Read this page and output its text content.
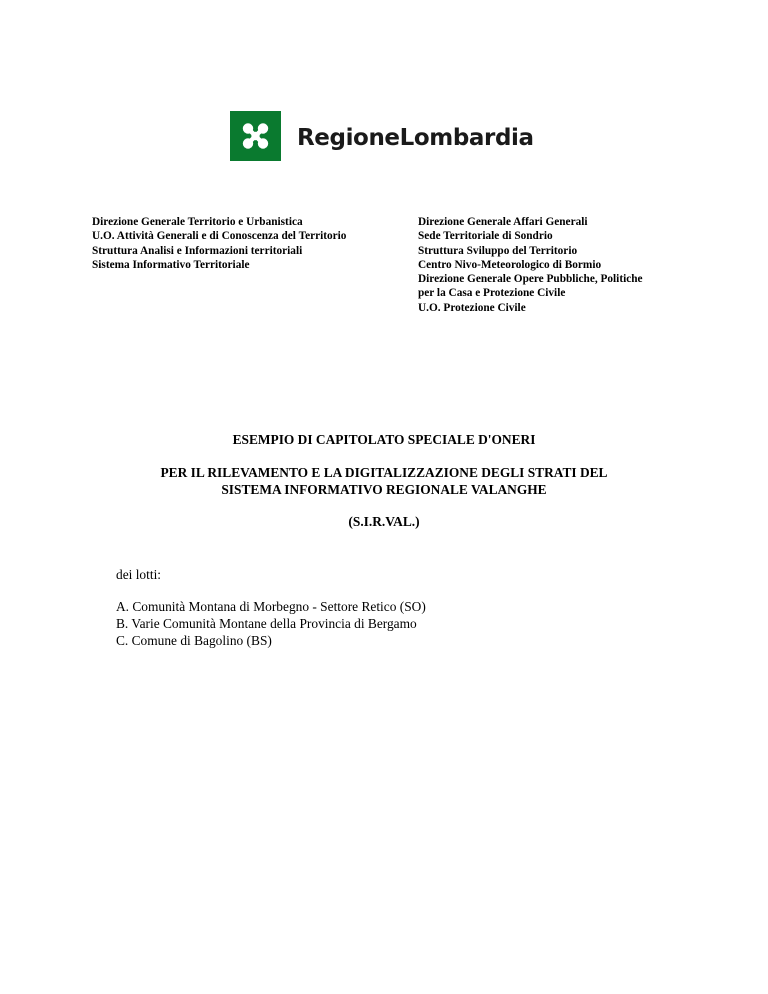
RegioneLombardia
Direzione Generale Territorio e Urbanistica
U.O. Attività Generali e di Conoscenza del Territorio
Struttura Analisi e Informazioni territoriali
Sistema Informativo Territoriale
Direzione Generale Affari Generali
Sede Territoriale di Sondrio
Struttura Sviluppo del Territorio
Centro Nivo-Meteorologico di Bormio
Direzione Generale Opere Pubbliche, Politiche
per la Casa e Protezione Civile
U.O. Protezione Civile
ESEMPIO DI CAPITOLATO SPECIALE D'ONERI
PER IL RILEVAMENTO E LA DIGITALIZZAZIONE DEGLI STRATI DEL
SISTEMA INFORMATIVO REGIONALE VALANGHE
(S.I.R.VAL.)
dei lotti:
A. Comunità Montana di Morbegno - Settore Retico (SO)
B. Varie Comunità Montane della Provincia di Bergamo
C. Comune di Bagolino (BS)
